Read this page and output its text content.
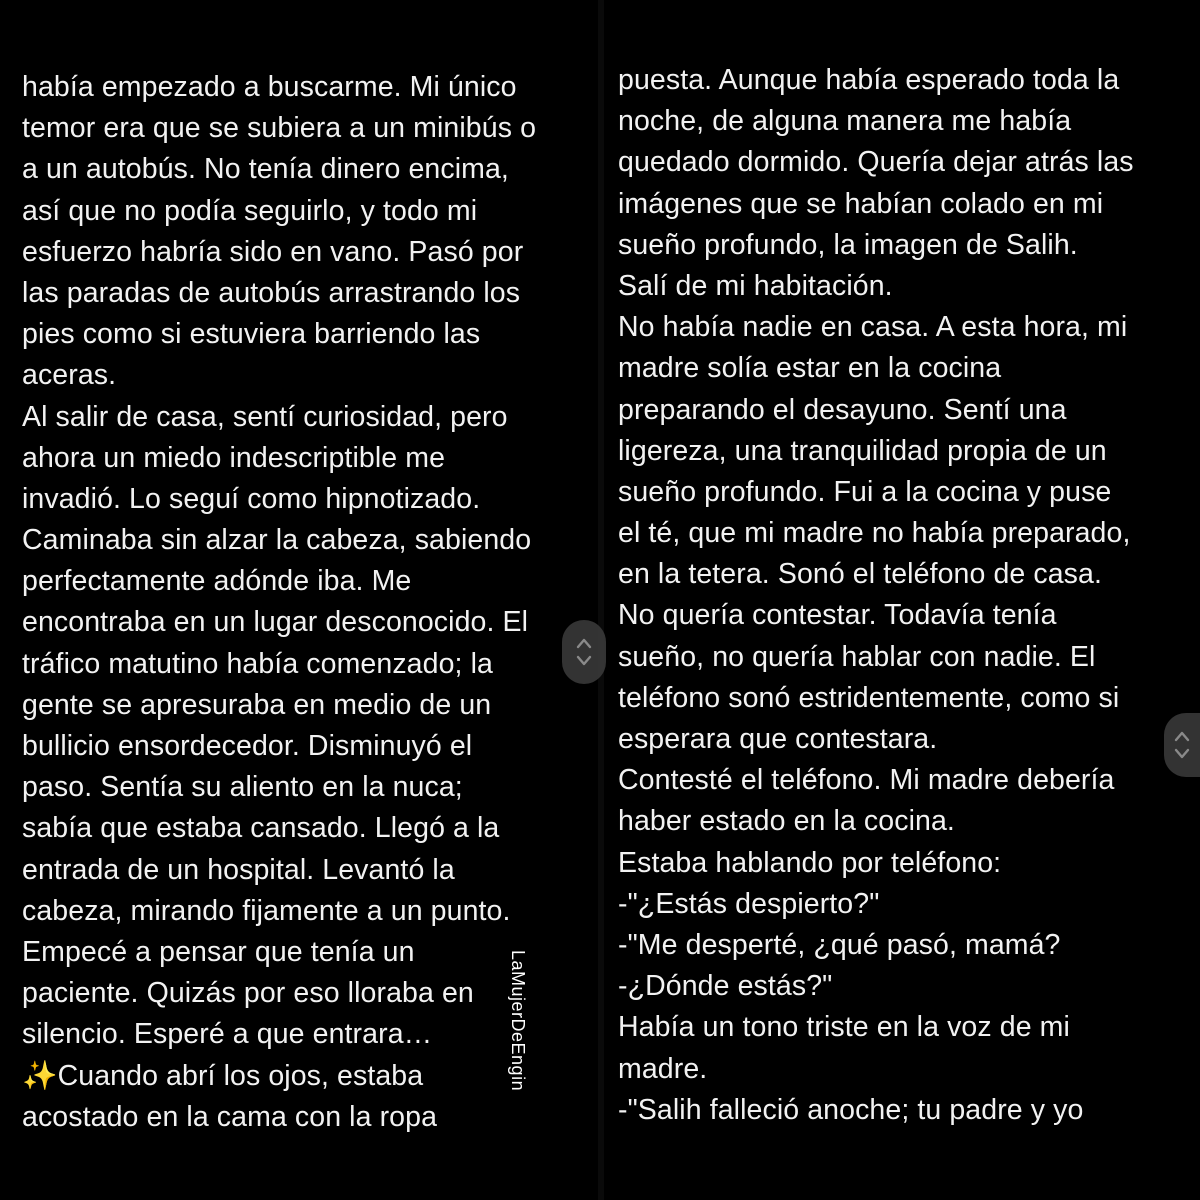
había empezado a buscarme. Mi único
temor era que se subiera a un minibús o
a un autobús. No tenía dinero encima,
así que no podía seguirlo, y todo mi
esfuerzo habría sido en vano. Pasó por
las paradas de autobús arrastrando los
pies como si estuviera barriendo las
aceras.
Al salir de casa, sentí curiosidad, pero
ahora un miedo indescriptible me
invadió. Lo seguí como hipnotizado.
Caminaba sin alzar la cabeza, sabiendo
perfectamente adónde iba. Me
encontraba en un lugar desconocido. El
tráfico matutino había comenzado; la
gente se apresuraba en medio de un
bullicio ensordecedor. Disminuyó el
paso. Sentía su aliento en la nuca;
sabía que estaba cansado. Llegó a la
entrada de un hospital. Levantó la
cabeza, mirando fijamente a un punto.
Empecé a pensar que tenía un
paciente. Quizás por eso lloraba en
silencio. Esperé a que entrara…
✨Cuando abrí los ojos, estaba
acostado en la cama con la ropa
puesta. Aunque había esperado toda la
noche, de alguna manera me había
quedado dormido. Quería dejar atrás las
imágenes que se habían colado en mi
sueño profundo, la imagen de Salih.
Salí de mi habitación.
No había nadie en casa. A esta hora, mi
madre solía estar en la cocina
preparando el desayuno. Sentí una
ligereza, una tranquilidad propia de un
sueño profundo. Fui a la cocina y puse
el té, que mi madre no había preparado,
en la tetera. Sonó el teléfono de casa.
No quería contestar. Todavía tenía
sueño, no quería hablar con nadie. El
teléfono sonó estridentemente, como si
esperara que contestara.
Contesté el teléfono. Mi madre debería
haber estado en la cocina.
Estaba hablando por teléfono:
-"¿Estás despierto?"
-"Me desperté, ¿qué pasó, mamá?
-¿Dónde estás?"
Había un tono triste en la voz de mi
madre.
-"Salih falleció anoche; tu padre y yo
LaMujerDeEngin
